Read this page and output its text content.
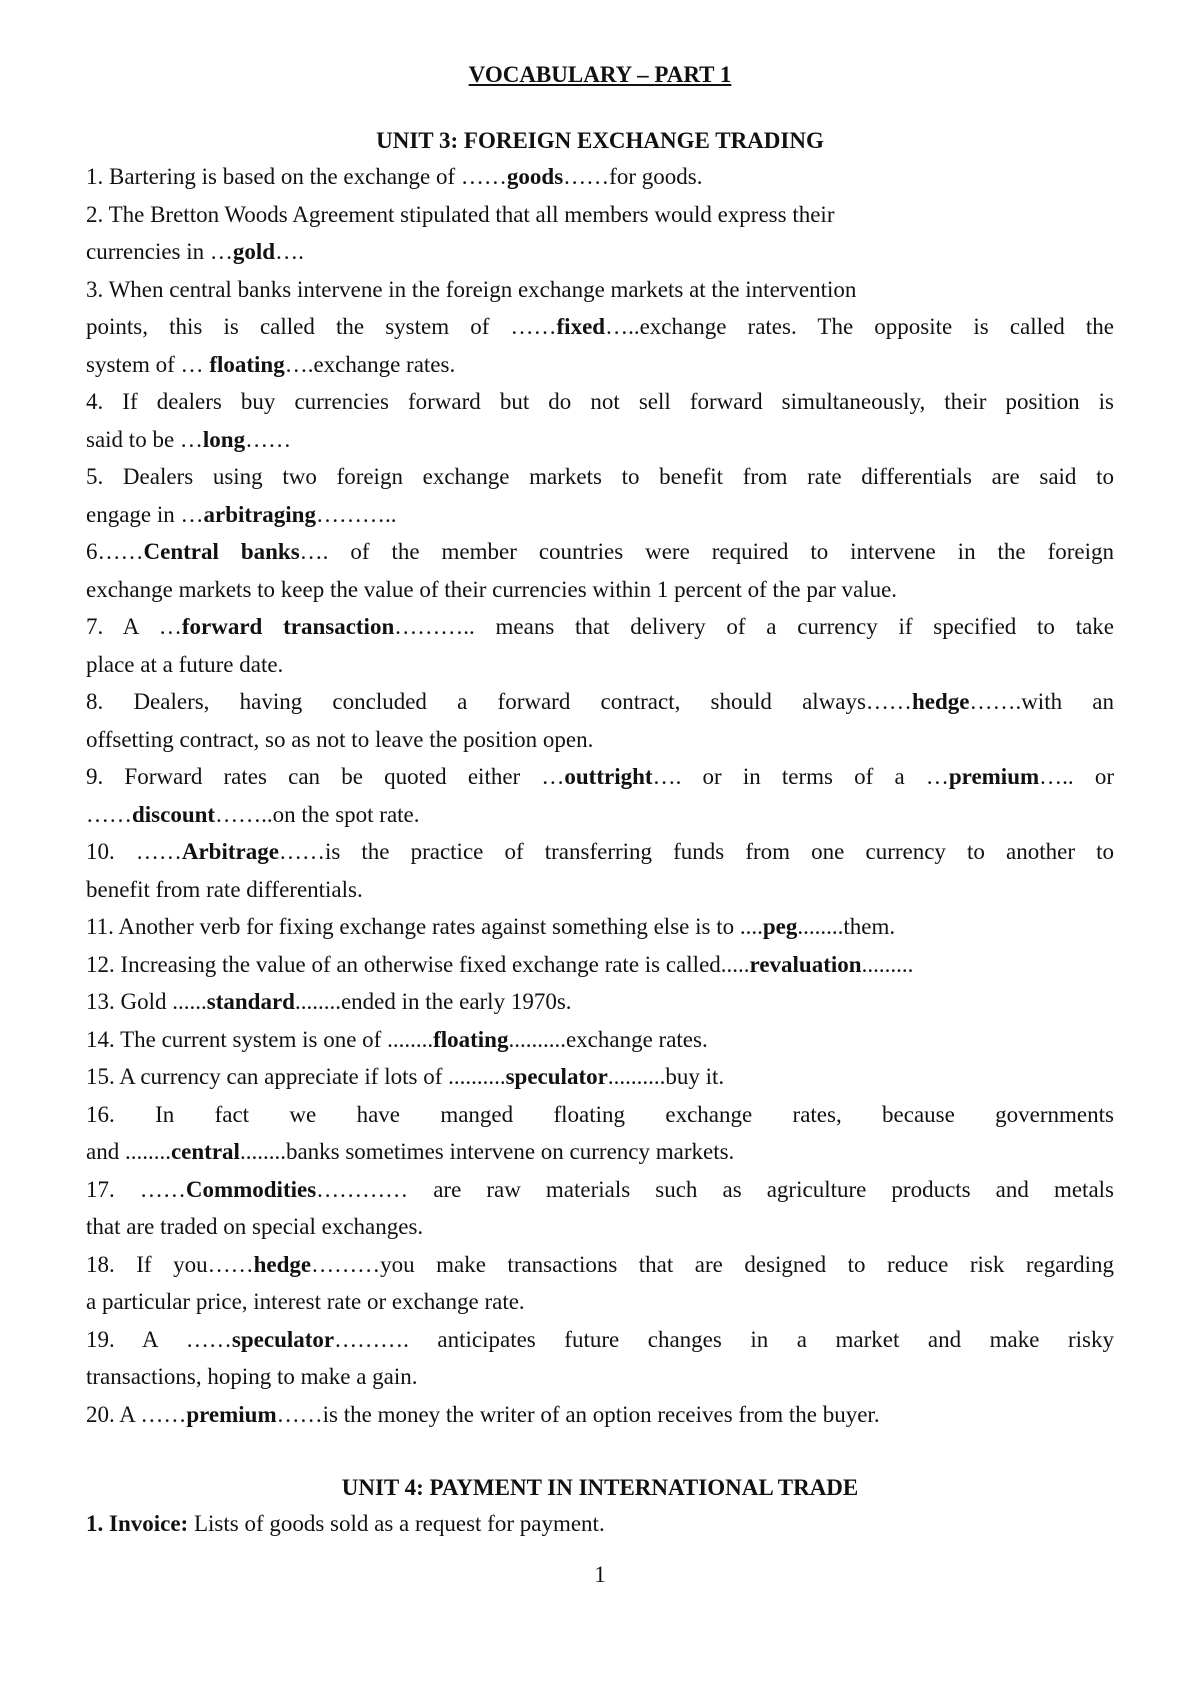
VOCABULARY – PART 1
UNIT 3: FOREIGN EXCHANGE TRADING

1. Bartering is based on the exchange of ……goods……for goods.

2. The Bretton Woods Agreement stipulated that all members would express their

currencies in …gold….

3. When central banks intervene in the foreign exchange markets at the intervention

points, this is called the system of ……fixed…..exchange rates. The opposite is called the

system of … floating….exchange rates.

4. If dealers buy currencies forward but do not sell forward simultaneously, their position is

said to be …long……

5. Dealers using two foreign exchange markets to benefit from rate differentials are said to

engage in …arbitraging………..

6……Central banks…. of the member countries were required to intervene in the foreign

exchange markets to keep the value of their currencies within 1 percent of the par value.

7. A …forward transaction……….. means that delivery of a currency if specified to take

place at a future date.

8. Dealers, having concluded a forward contract, should always……hedge…….with an

offsetting contract, so as not to leave the position open.

9. Forward rates can be quoted either …outtright…. or in terms of a …premium….. or

……discount……..on the spot rate.

10. ……Arbitrage……is the practice of transferring funds from one currency to another to

benefit from rate differentials.

11. Another verb for fixing exchange rates against something else is to ....peg........them.

12. Increasing the value of an otherwise fixed exchange rate is called.....revaluation.........

13. Gold ......standard........ended in the early 1970s.

14. The current system is one of ........floating..........exchange rates.

15. A currency can appreciate if lots of ..........speculator..........buy it.

16. In fact we have manged floating exchange rates, because governments

and ........central........banks sometimes intervene on currency markets.

17. ……Commodities………… are raw materials such as agriculture products and metals

that are traded on special exchanges.

18. If you……hedge………you make transactions that are designed to reduce risk regarding

a particular price, interest rate or exchange rate.

19. A ……speculator………. anticipates future changes in a market and make risky

transactions, hoping to make a gain.

20. A ……premium……is the money the writer of an option receives from the buyer.

UNIT 4: PAYMENT IN INTERNATIONAL TRADE

1. Invoice: Lists of goods sold as a request for payment.

1
